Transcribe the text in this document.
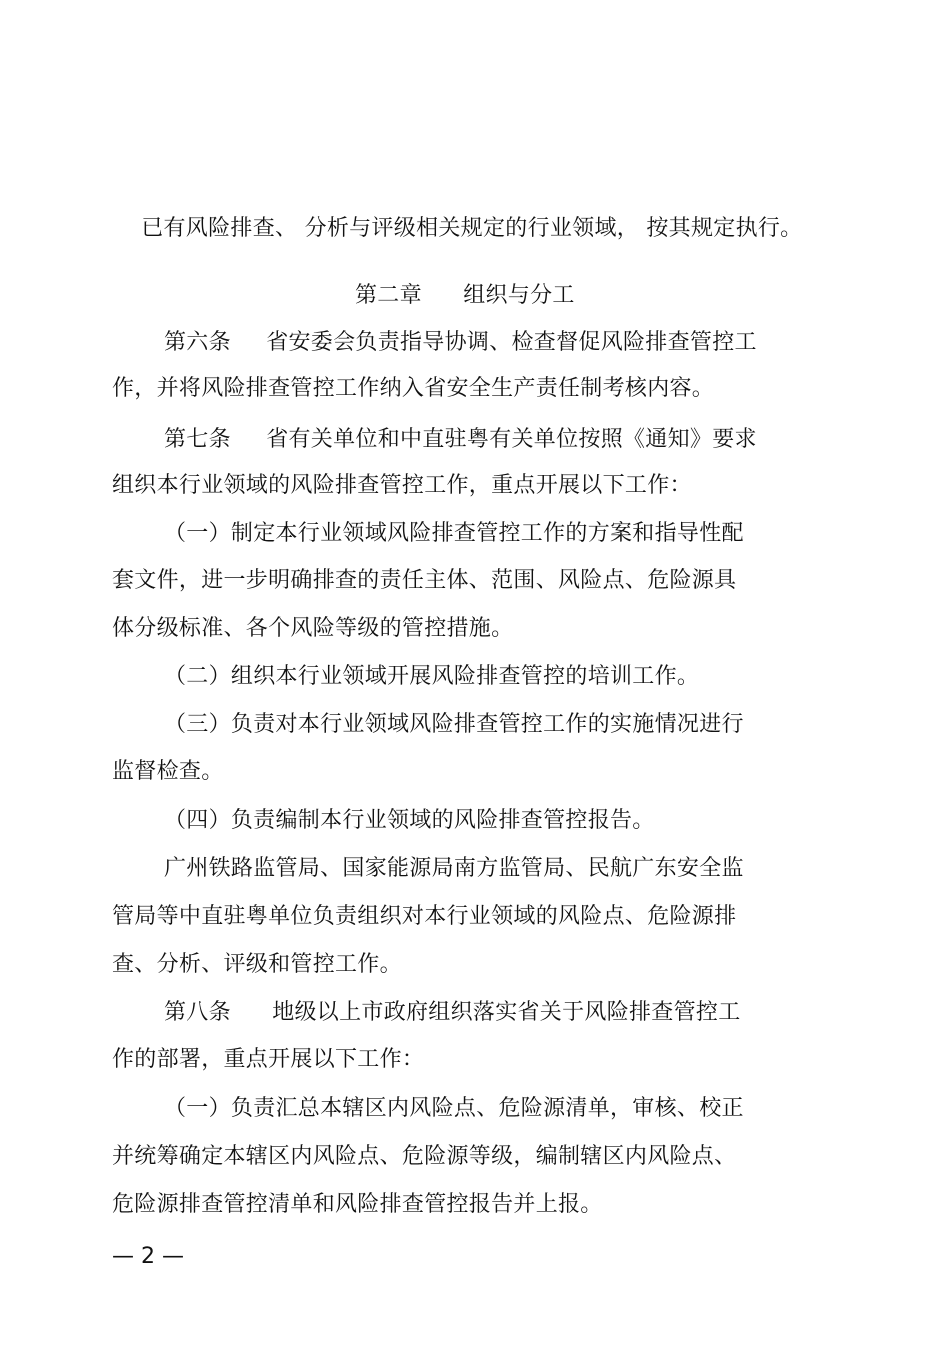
已有风险排查、 分析与评级相关规定的行业领域， 按其规定执行。

第二章 组织与分工
第六条 省安委会负责指导协调、检查督促风险排查管控工
作，并将风险排查管控工作纳入省安全生产责任制考核内容。
第七条 省有关单位和中直驻粤有关单位按照《通知》要求
组织本行业领域的风险排查管控工作，重点开展以下工作：
（一）制定本行业领域风险排查管控工作的方案和指导性配
套文件，进一步明确排查的责任主体、范围、风险点、危险源具
体分级标准、各个风险等级的管控措施。
（二）组织本行业领域开展风险排查管控的培训工作。
（三）负责对本行业领域风险排查管控工作的实施情况进行
监督检查。
（四）负责编制本行业领域的风险排查管控报告。
广州铁路监管局、国家能源局南方监管局、民航广东安全监
管局等中直驻粤单位负责组织对本行业领域的风险点、危险源排
查、分析、评级和管控工作。
第八条 地级以上市政府组织落实省关于风险排查管控工
作的部署，重点开展以下工作：
（一）负责汇总本辖区内风险点、危险源清单，审核、校正
并统筹确定本辖区内风险点、危险源等级，编制辖区内风险点、
危险源排查管控清单和风险排查管控报告并上报。
— 2 —
